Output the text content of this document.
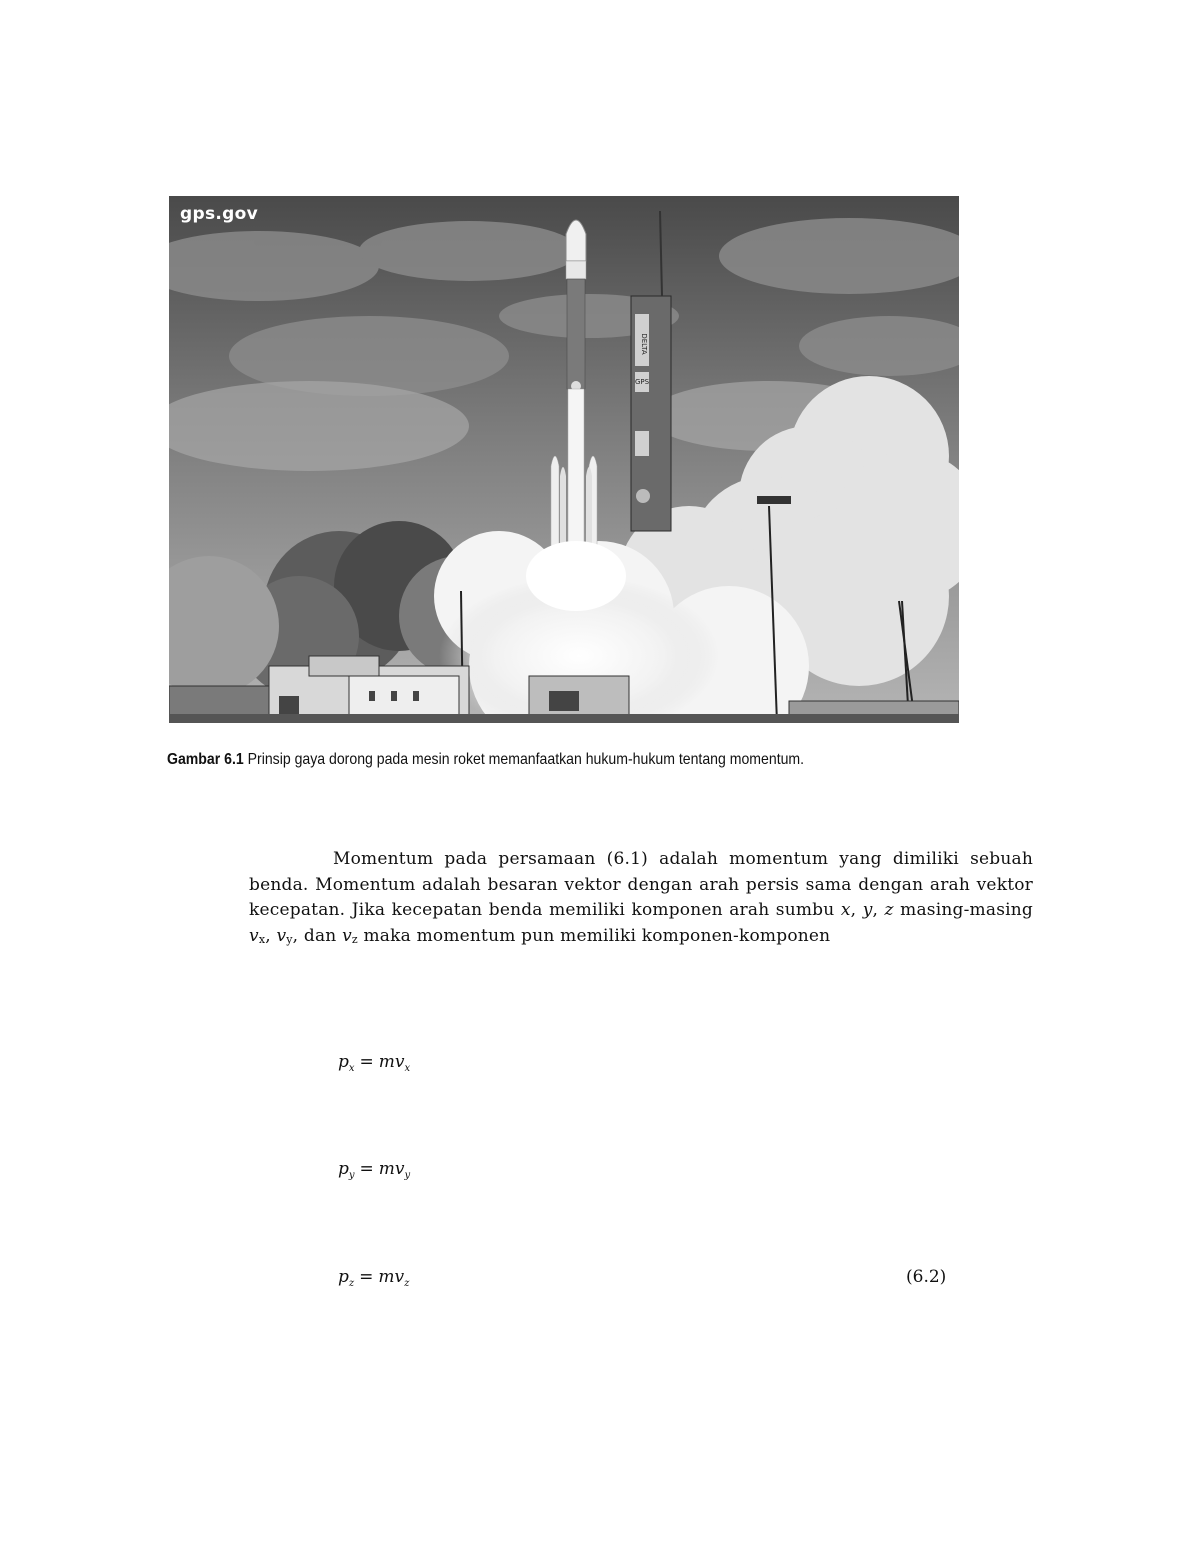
DELTA
GPS
gps.gov
Gambar 6.1 Prinsip gaya dorong pada mesin roket memanfaatkan hukum-hukum tentang momentum.
Momentum pada persamaan (6.1) adalah momentum yang dimiliki sebuah benda. Momentum adalah besaran vektor dengan arah persis sama dengan arah vektor kecepatan. Jika kecepatan benda memiliki komponen arah sumbu x, y, z masing-masing $v_x$, $v_y$, dan $v_z$ maka momentum pun memiliki komponen-komponen
$p_x = mv_x$
$p_y = mv_y$
$p_z = mv_z$	(6.2)
